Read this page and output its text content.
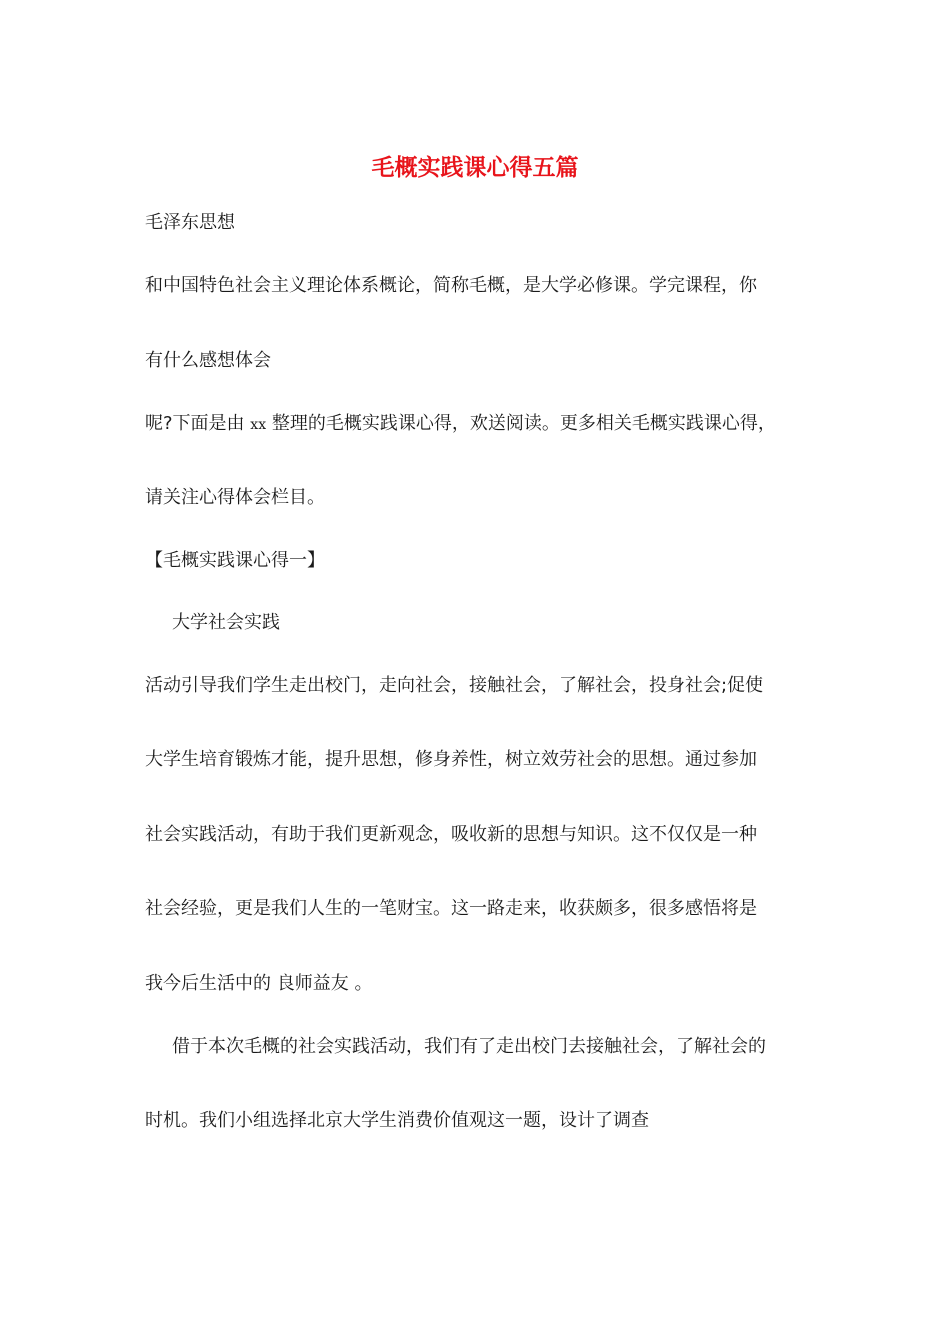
毛概实践课心得五篇
毛泽东思想
和中国特色社会主义理论体系概论，简称毛概，是大学必修课。学完课程，你
有什么感想体会
呢?下面是由 xx 整理的毛概实践课心得，欢送阅读。更多相关毛概实践课心得，
请关注心得体会栏目。
【毛概实践课心得一】
大学社会实践
活动引导我们学生走出校门，走向社会，接触社会，了解社会，投身社会;促使
大学生培育锻炼才能，提升思想，修身养性，树立效劳社会的思想。通过参加
社会实践活动，有助于我们更新观念，吸收新的思想与知识。这不仅仅是一种
社会经验，更是我们人生的一笔财宝。这一路走来，收获颇多，很多感悟将是
我今后生活中的 良师益友 。
借于本次毛概的社会实践活动，我们有了走出校门去接触社会，了解社会的
时机。我们小组选择北京大学生消费价值观这一题，设计了调查
